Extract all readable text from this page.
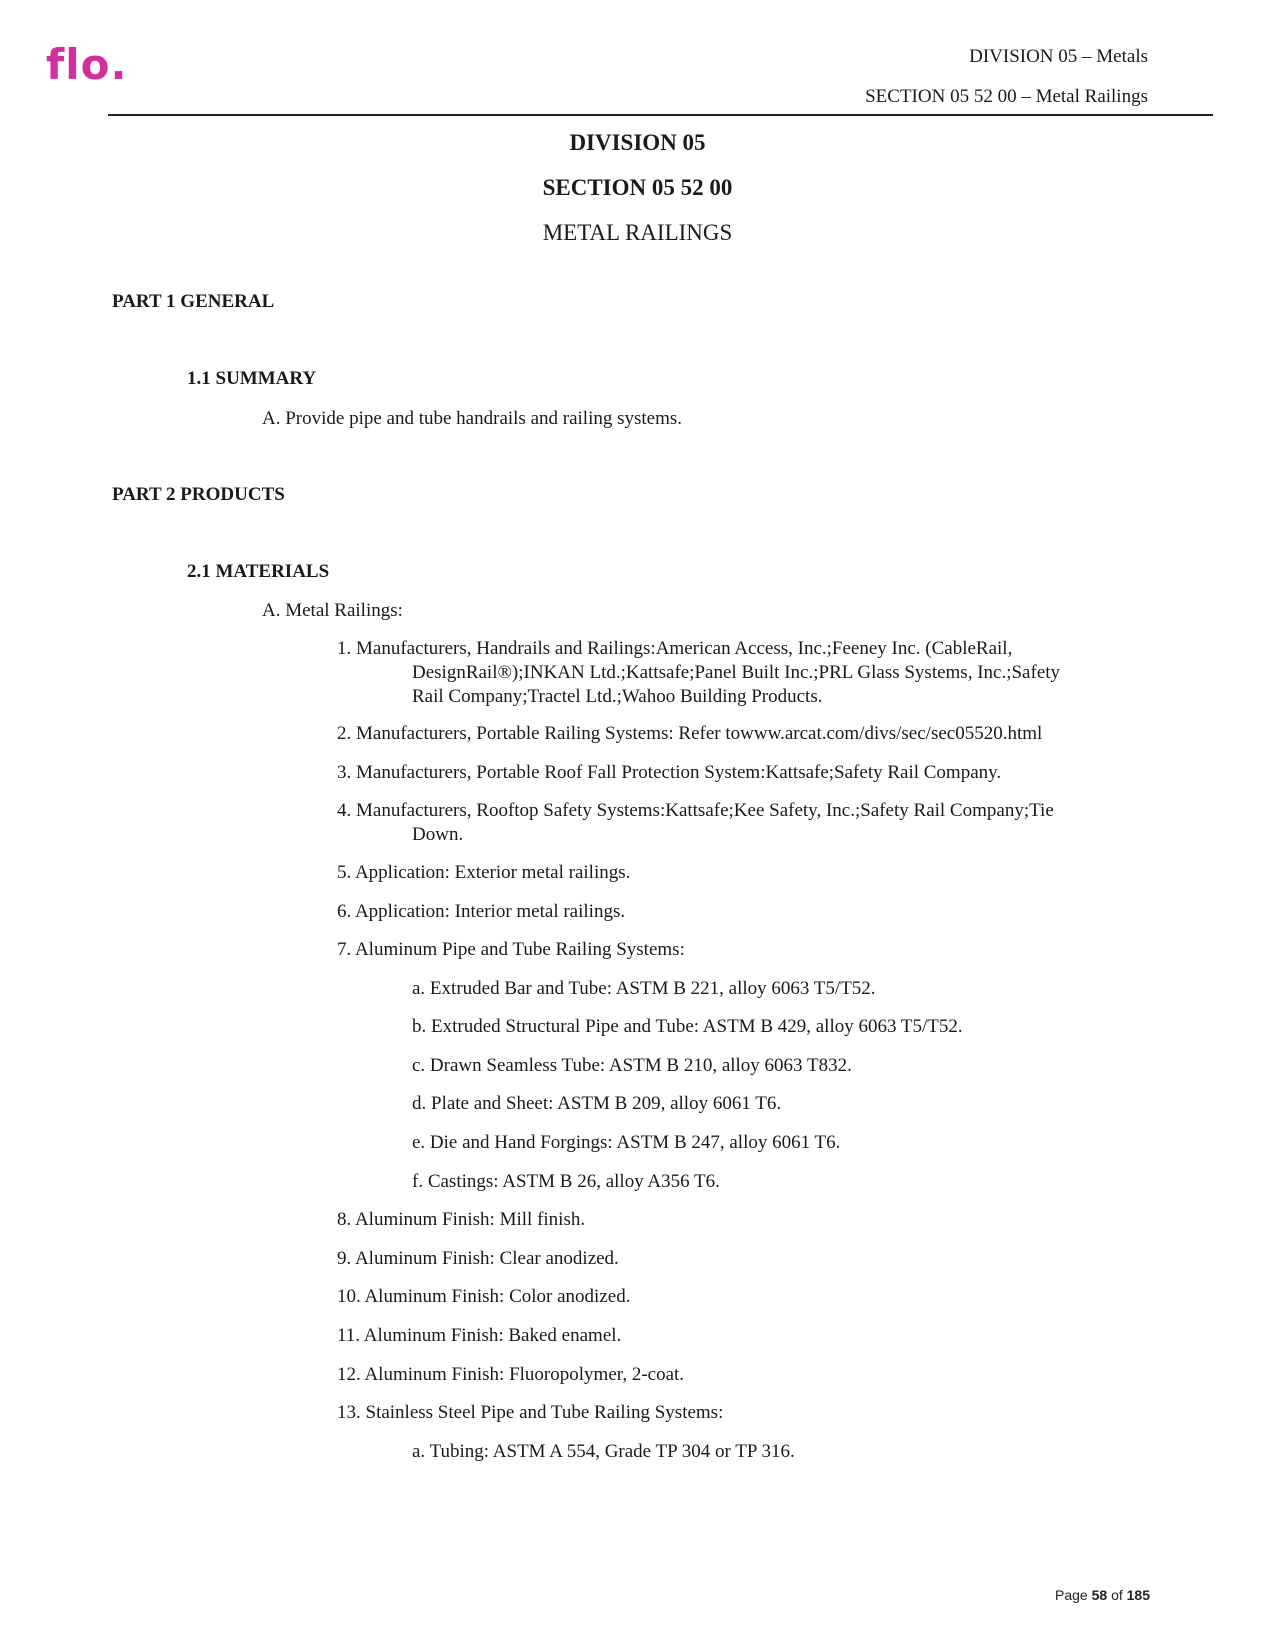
flo.	DIVISION 05 – Metals
SECTION 05 52 00 – Metal Railings
DIVISION 05
SECTION 05 52 00
METAL RAILINGS
PART 1 GENERAL
1.1 SUMMARY
A. Provide pipe and tube handrails and railing systems.
PART 2 PRODUCTS
2.1 MATERIALS
A. Metal Railings:
1. Manufacturers, Handrails and Railings:American Access, Inc.;Feeney Inc. (CableRail,
DesignRail®);INKAN Ltd.;Kattsafe;Panel Built Inc.;PRL Glass Systems, Inc.;Safety
Rail Company;Tractel Ltd.;Wahoo Building Products.
2. Manufacturers, Portable Railing Systems: Refer towww.arcat.com/divs/sec/sec05520.html
3. Manufacturers, Portable Roof Fall Protection System:Kattsafe;Safety Rail Company.
4. Manufacturers, Rooftop Safety Systems:Kattsafe;Kee Safety, Inc.;Safety Rail Company;Tie
Down.
5. Application: Exterior metal railings.
6. Application: Interior metal railings.
7. Aluminum Pipe and Tube Railing Systems:
a. Extruded Bar and Tube: ASTM B 221, alloy 6063 T5/T52.
b. Extruded Structural Pipe and Tube: ASTM B 429, alloy 6063 T5/T52.
c. Drawn Seamless Tube: ASTM B 210, alloy 6063 T832.
d. Plate and Sheet: ASTM B 209, alloy 6061 T6.
e. Die and Hand Forgings: ASTM B 247, alloy 6061 T6.
f. Castings: ASTM B 26, alloy A356 T6.
8. Aluminum Finish: Mill finish.
9. Aluminum Finish: Clear anodized.
10. Aluminum Finish: Color anodized.
11. Aluminum Finish: Baked enamel.
12. Aluminum Finish: Fluoropolymer, 2-coat.
13. Stainless Steel Pipe and Tube Railing Systems:
a. Tubing: ASTM A 554, Grade TP 304 or TP 316.
Page 58 of 185
